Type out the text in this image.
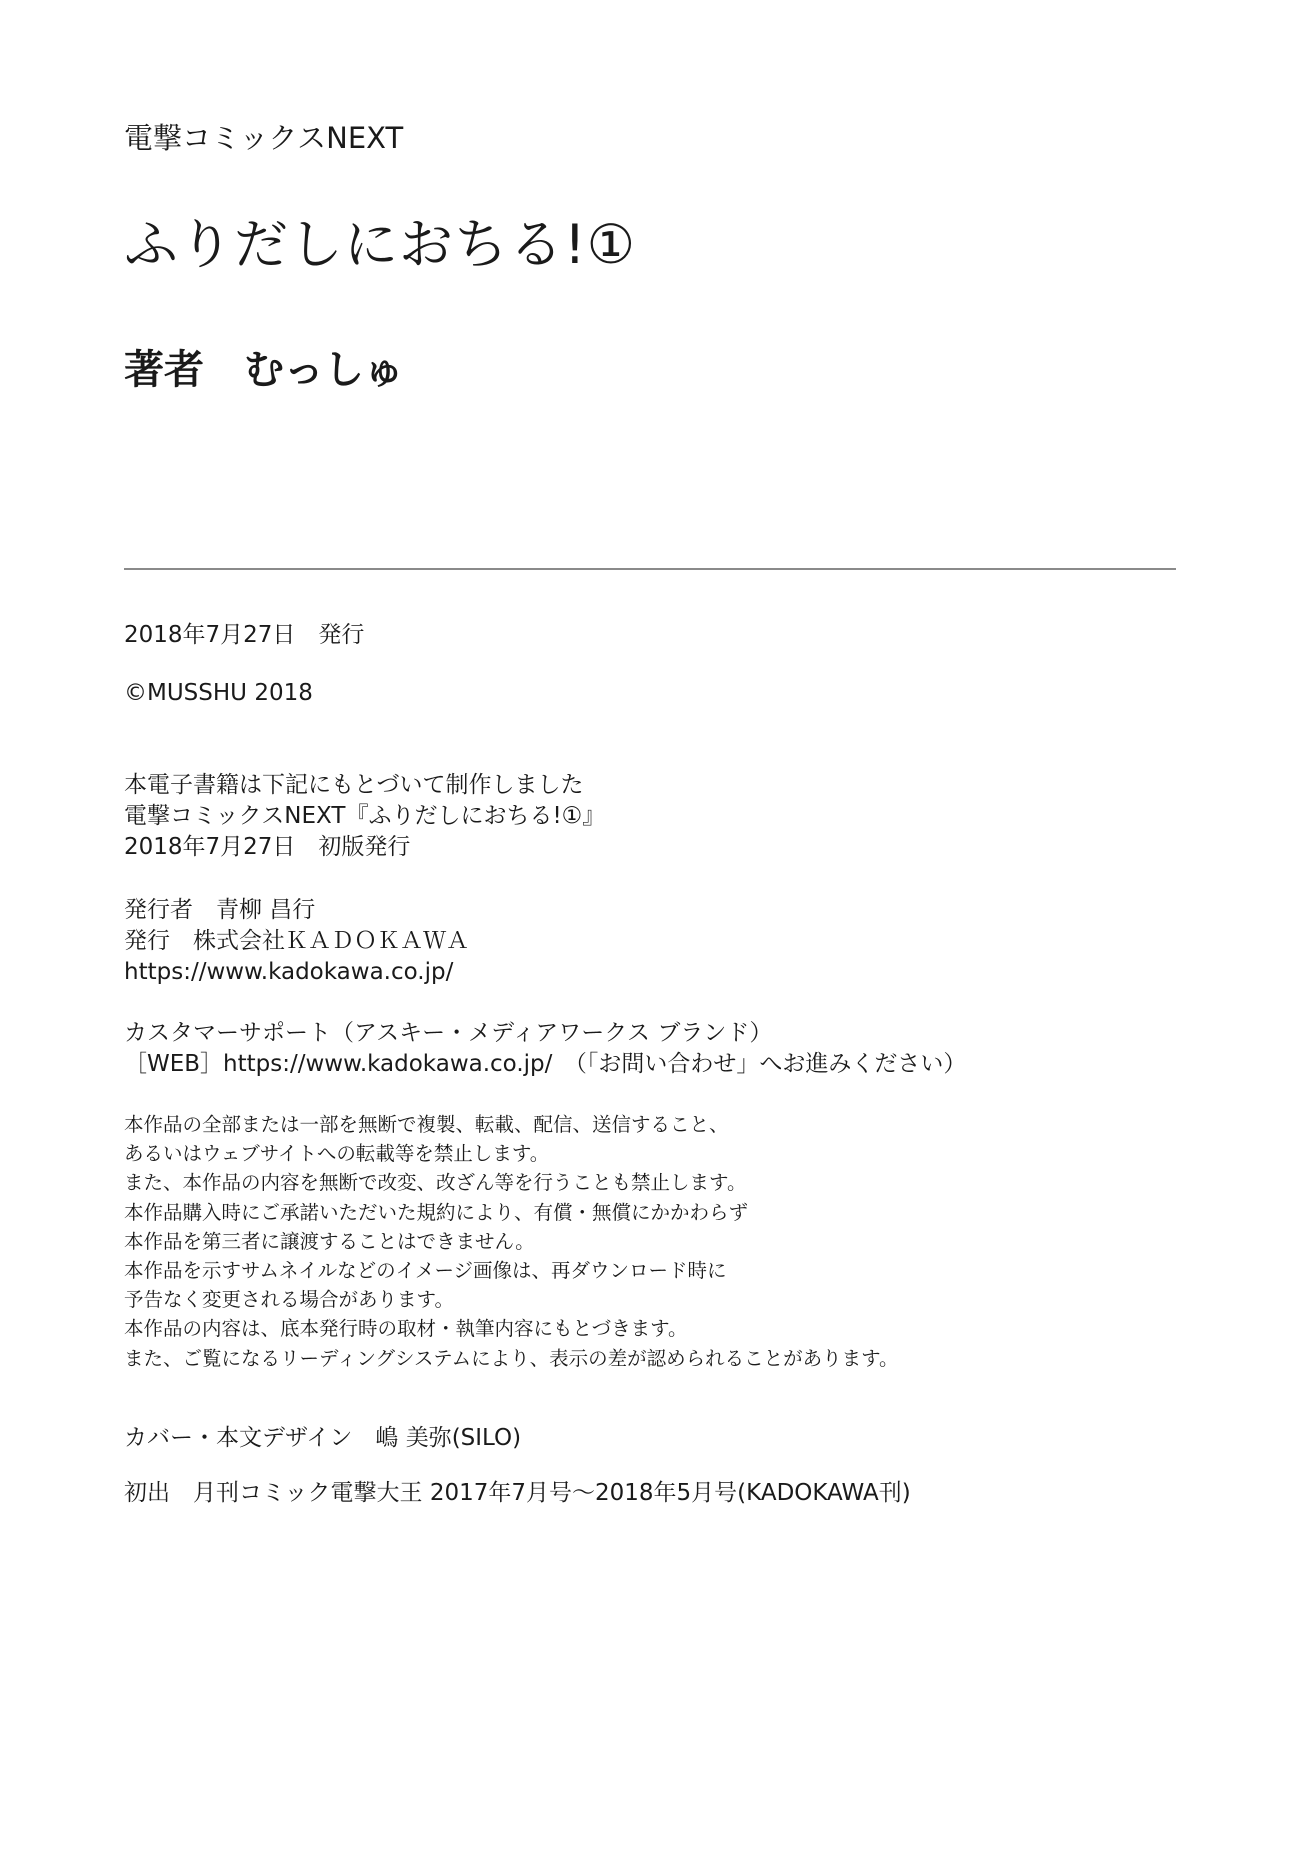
電撃コミックスNEXT
ふりだしにおちる!①
著者 むっしゅ
2018年7月27日　発行
©MUSSHU 2018
本電子書籍は下記にもとづいて制作しました
電撃コミックスNEXT『ふりだしにおちる!①』
2018年7月27日　初版発行
発行者　青柳 昌行
発行　株式会社ＫＡＤＯＫＡＷＡ
https://www.kadokawa.co.jp/
カスタマーサポート（アスキー・メディアワークス ブランド）
［WEB］https://www.kadokawa.co.jp/　（「お問い合わせ」へお進みください）
本作品の全部または一部を無断で複製、転載、配信、送信すること、
あるいはウェブサイトへの転載等を禁止します。
また、本作品の内容を無断で改変、改ざん等を行うことも禁止します。
本作品購入時にご承諾いただいた規約により、有償・無償にかかわらず
本作品を第三者に譲渡することはできません。
本作品を示すサムネイルなどのイメージ画像は、再ダウンロード時に
予告なく変更される場合があります。
本作品の内容は、底本発行時の取材・執筆内容にもとづきます。
また、ご覧になるリーディングシステムにより、表示の差が認められることがあります。
カバー・本文デザイン　嶋 美弥(SILO)
初出　月刊コミック電撃大王 2017年7月号～2018年5月号(KADOKAWA刊)
